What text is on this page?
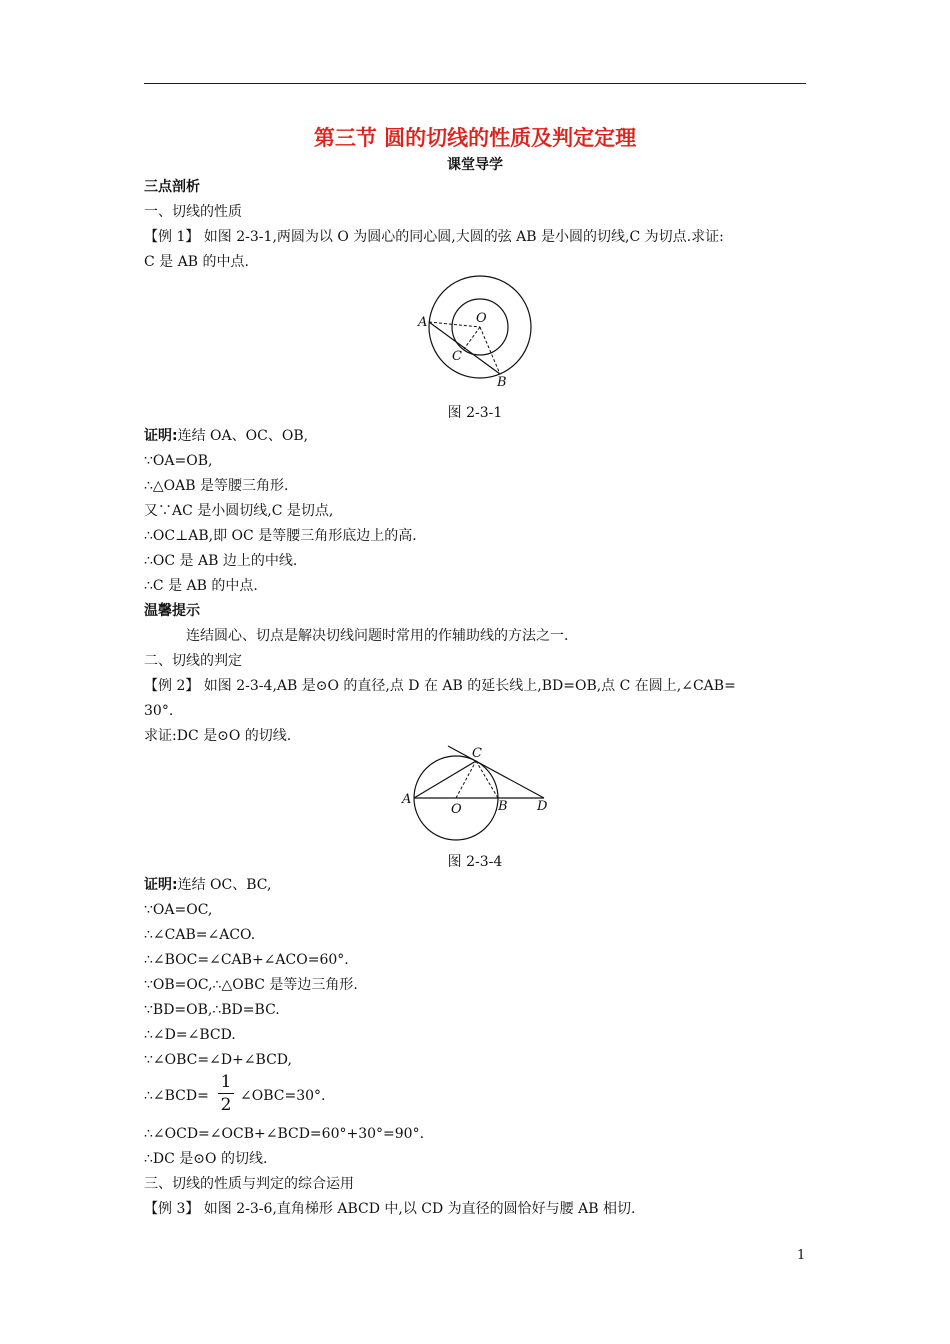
第三节 圆的切线的性质及判定定理
课堂导学
三点剖析
一、切线的性质
【例 1】 如图 2-3-1,两圆为以 O 为圆心的同心圆,大圆的弦 AB 是小圆的切线,C 为切点.求证:
C 是 AB 的中点.
A	O
C
B
图 2-3-1
证明:连结 OA、OC、OB,
∵OA=OB,
∴△OAB 是等腰三角形.
又∵AC 是小圆切线,C 是切点,
∴OC⊥AB,即 OC 是等腰三角形底边上的高.
∴OC 是 AB 边上的中线.
∴C 是 AB 的中点.
温馨提示
连结圆心、切点是解决切线问题时常用的作辅助线的方法之一.
二、切线的判定
【例 2】 如图 2-3-4,AB 是⊙O 的直径,点 D 在 AB 的延长线上,BD=OB,点 C 在圆上,∠CAB=
30°.
求证:DC 是⊙O 的切线.
A
O	B D
C
图 2-3-4
证明:连结 OC、BC,
∵OA=OC,
∴∠CAB=∠ACO.
∴∠BOC=∠CAB+∠ACO=60°.
∵OB=OC,∴△OBC 是等边三角形.
∵BD=OB,∴BD=BC.
∴∠D=∠BCD.
∵∠OBC=∠D+∠BCD,
∴∠BCD=
1
2 ∠OBC=30°.
∴∠OCD=∠OCB+∠BCD=60°+30°=90°.
∴DC 是⊙O 的切线.
三、切线的性质与判定的综合运用
【例 3】 如图 2-3-6,直角梯形 ABCD 中,以 CD 为直径的圆恰好与腰 AB 相切.
1
